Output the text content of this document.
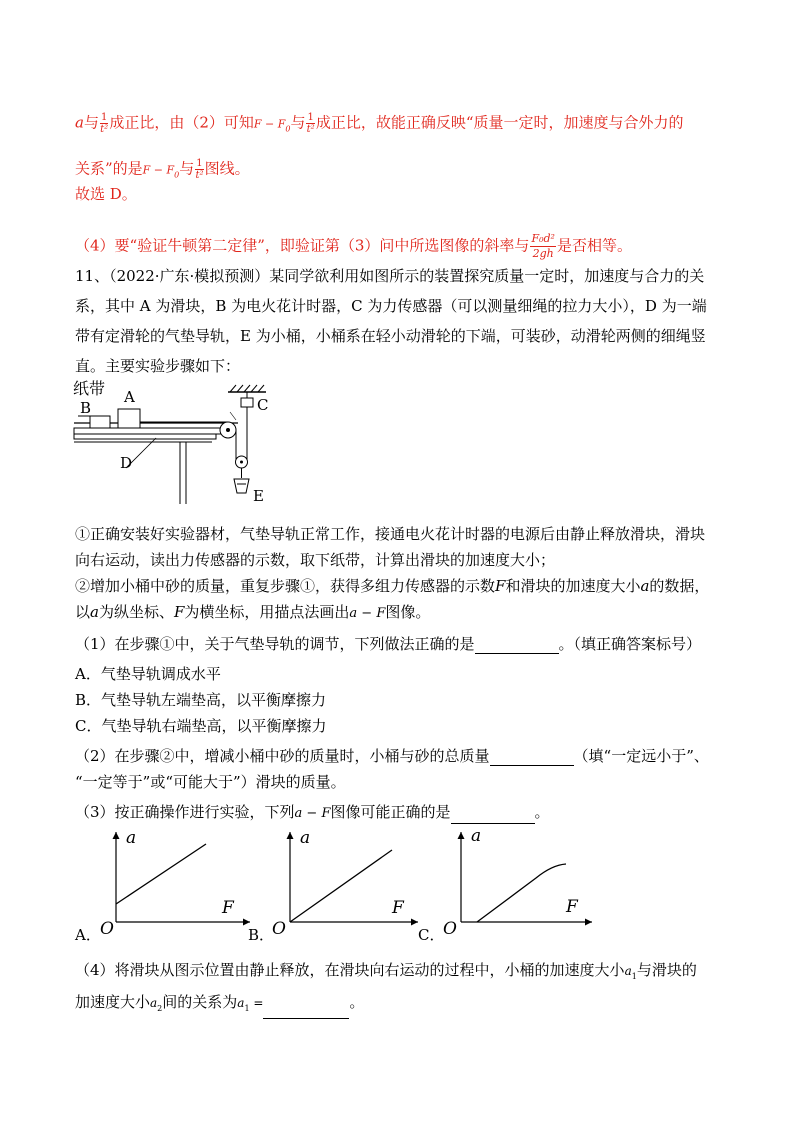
a与 $\frac{1}{\text{t²}}$ 成正比，由（2）可知$F - F_0$与 $\frac{1}{\text{t²}}$ 成正比，故能正确反映“质量一定时，加速度与合外力的
关系”的是$F - F_0$与 $\frac{1}{\text{t²}}$ 图线。
故选 D。
（4）要“验证牛顿第二定律”，即验证第（3）问中所选图像的斜率与 $\frac{\text{F₀d²}}{2gh}$ 是否相等。
11、（2022·广东·模拟预测）某同学欲利用如图所示的装置探究质量一定时，加速度与合力的关
系，其中 A 为滑块，B 为电火花计时器，C 为力传感器（可以测量细绳的拉力大小），D 为一端
带有定滑轮的气垫导轨，E 为小桶，小桶系在轻小动滑轮的下端，可装砂，动滑轮两侧的细绳竖
直。主要实验步骤如下：
纸带
B
A	C
D
E
①正确安装好实验器材，气垫导轨正常工作，接通电火花计时器的电源后由静止释放滑块，滑块
向右运动，读出力传感器的示数，取下纸带，计算出滑块的加速度大小；
②增加小桶中砂的质量，重复步骤①，获得多组力传感器的示数F和滑块的加速度大小a的数据，
以a为纵坐标、F为横坐标，用描点法画出a − F图像。
（1）在步骤①中，关于气垫导轨的调节，下列做法正确的是	。（填正确答案标号）
A．气垫导轨调成水平
B．气垫导轨左端垫高，以平衡摩擦力
C．气垫导轨右端垫高，以平衡摩擦力
（2）在步骤②中，增减小桶中砂的质量时，小桶与砂的总质量	（填“一定远小于”、
“一定等于”或“可能大于”）滑块的质量。
（3）按正确操作进行实验，下列a − F图像可能正确的是	。
a
F
A． O
a
F
B．
O
a
F
C．
O
（4）将滑块从图示位置由静止释放，在滑块向右运动的过程中，小桶的加速度大小$a_1$与滑块的
加速度大小$a_2$间的关系为$a_1$ =	。
